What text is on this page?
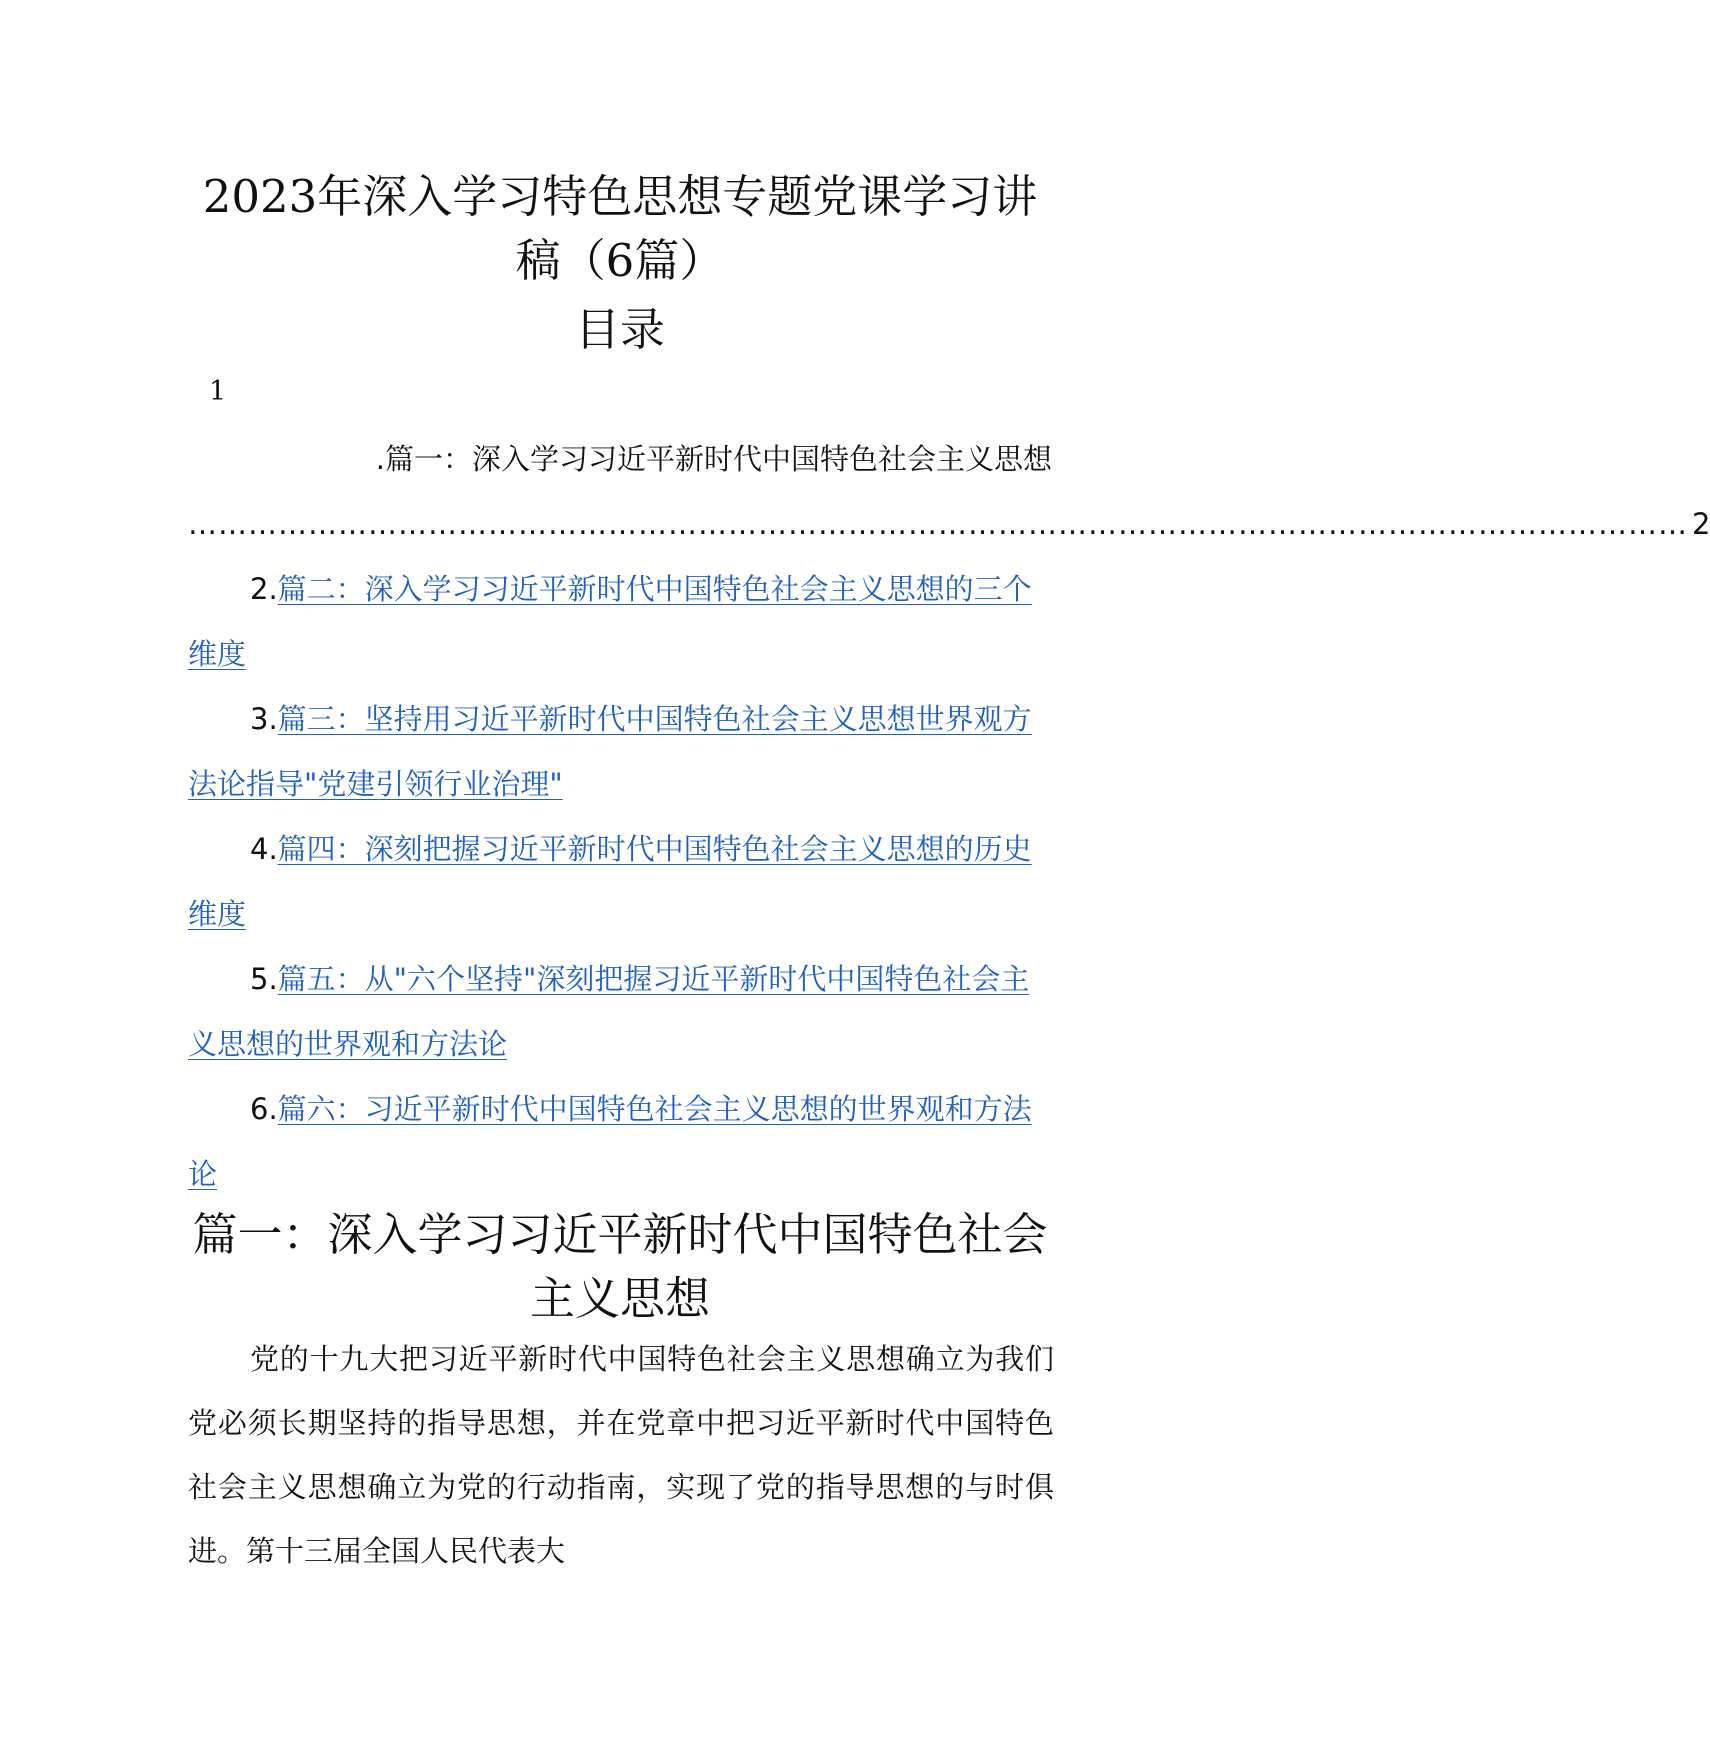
2023年深入学习特色思想专题党课学习讲
稿（6篇）
目录
1
.篇一：深入学习习近平新时代中国特色社会主义思想
…………………………………………………………………………………………………………………………………… 2
2.篇二：深入学习习近平新时代中国特色社会主义思想的三个维度
3.篇三：坚持用习近平新时代中国特色社会主义思想世界观方法论指导"党建引领行业治理"
4.篇四：深刻把握习近平新时代中国特色社会主义思想的历史维度
5.篇五：从"六个坚持"深刻把握习近平新时代中国特色社会主义思想的世界观和方法论
6.篇六：习近平新时代中国特色社会主义思想的世界观和方法论
篇一：深入学习习近平新时代中国特色社会主义思想

党的十九大把习近平新时代中国特色社会主义思想确立为我们党必须长期坚持的指导思想，并在党章中把习近平新时代中国特色社会主义思想确立为党的行动指南，实现了党的指导思想的与时俱进。第十三届全国人民代表大
